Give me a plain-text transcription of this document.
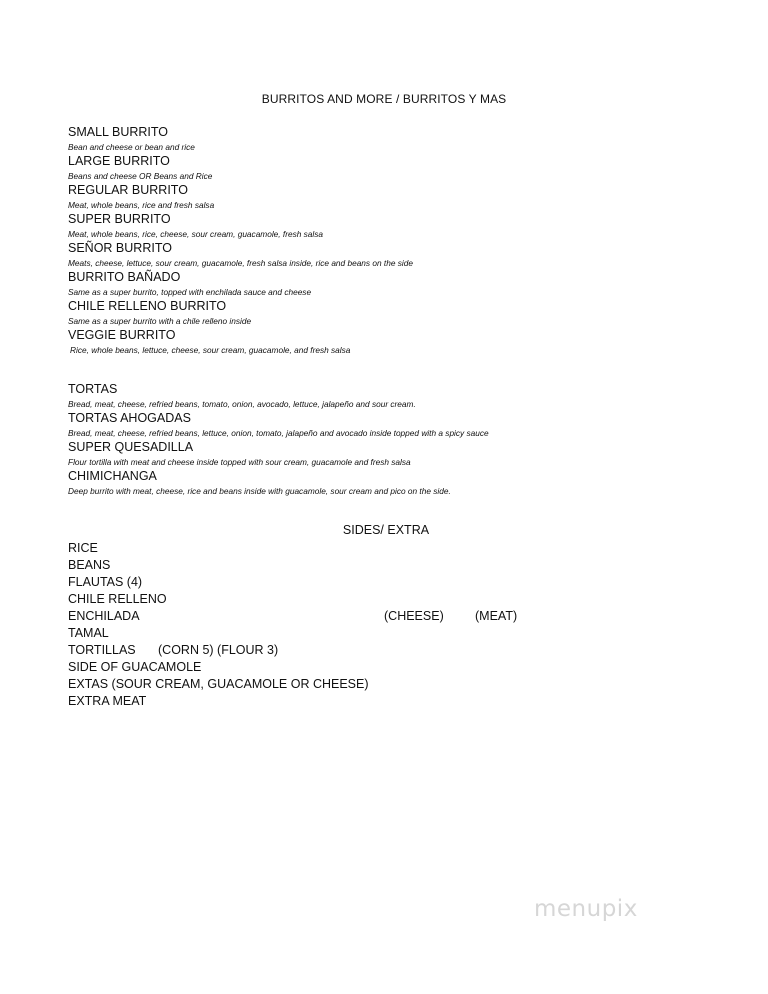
BURRITOS AND MORE / BURRITOS Y MAS
SMALL BURRITO
Bean and cheese or bean and rice
LARGE BURRITO
Beans and cheese OR Beans and Rice
REGULAR BURRITO
Meat, whole beans, rice and fresh salsa
SUPER BURRITO
Meat, whole beans, rice, cheese, sour cream, guacamole, fresh salsa
SEÑOR BURRITO
Meats, cheese, lettuce, sour cream, guacamole, fresh salsa inside, rice and beans on the side
BURRITO BAÑADO
Same as a super burrito, topped with enchilada sauce and cheese
CHILE RELLENO BURRITO
Same as a super burrito with a chile relleno inside
VEGGIE BURRITO
Rice, whole beans, lettuce, cheese, sour cream, guacamole, and fresh salsa
TORTAS
Bread, meat, cheese, refried beans, tomato, onion, avocado, lettuce, jalapeño and sour cream.
TORTAS AHOGADAS
Bread, meat, cheese, refried beans, lettuce, onion, tomato, jalapeño and avocado inside topped with a spicy sauce
SUPER QUESADILLA
Flour tortilla with meat and cheese inside topped with sour cream, guacamole and fresh salsa
CHIMICHANGA
Deep burrito with meat, cheese, rice and beans inside with guacamole, sour cream and pico on the side.
SIDES/ EXTRA
RICE
BEANS
FLAUTAS (4)
CHILE RELLENO
ENCHILADA	(CHEESE)	(MEAT)
TAMAL
TORTILLAS (CORN 5) (FLOUR 3)
SIDE OF GUACAMOLE
EXTAS (SOUR CREAM, GUACAMOLE OR CHEESE)
EXTRA MEAT
menupix
